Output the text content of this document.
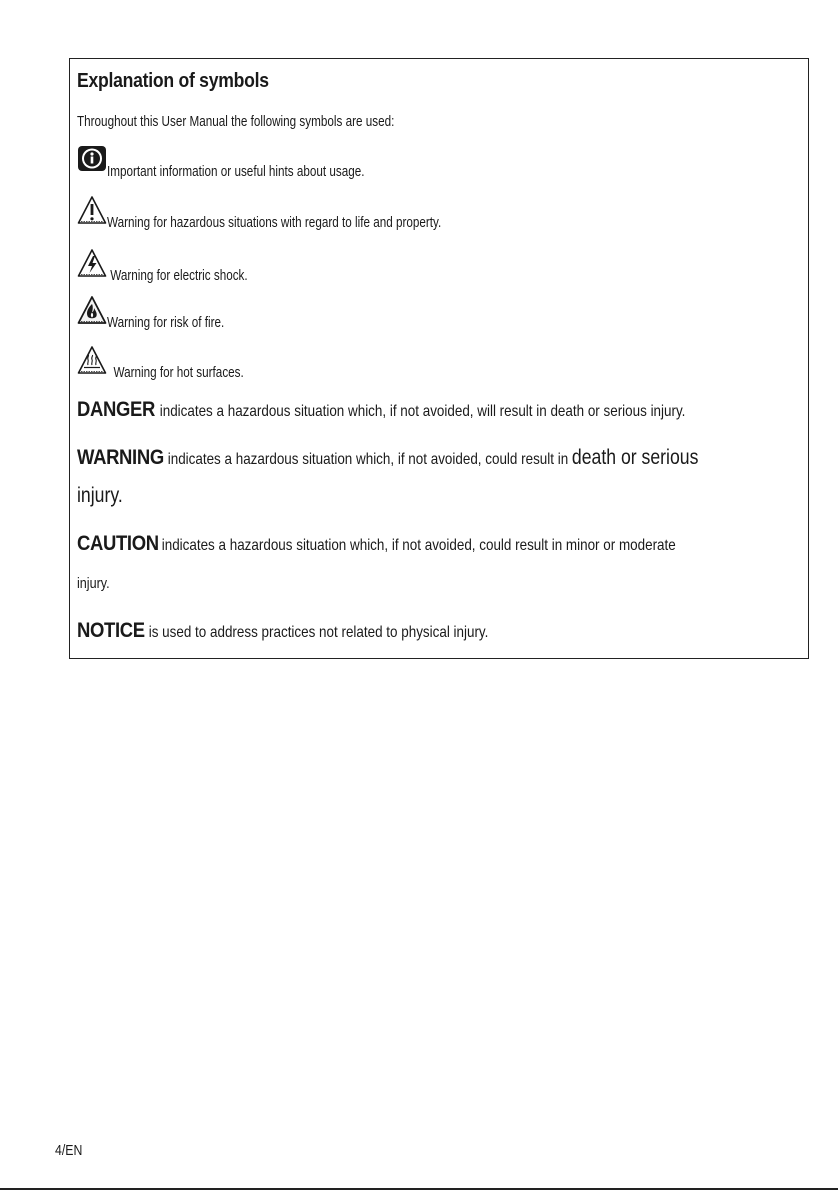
Explanation of symbols
Throughout this User Manual the following symbols are used:
Important information or useful hints about usage.
Warning for hazardous situations with regard to life and property.
Warning for electric shock.
Warning for risk of fire.
Warning for hot surfaces.
DANGER indicates a hazardous situation which, if not avoided, will result in death or serious injury.
WARNING indicates a hazardous situation which, if not avoided, could result in death or serious
injury.
CAUTION indicates a hazardous situation which, if not avoided, could result in minor or moderate
injury.
NOTICE is used to address practices not related to physical injury.
4/EN
